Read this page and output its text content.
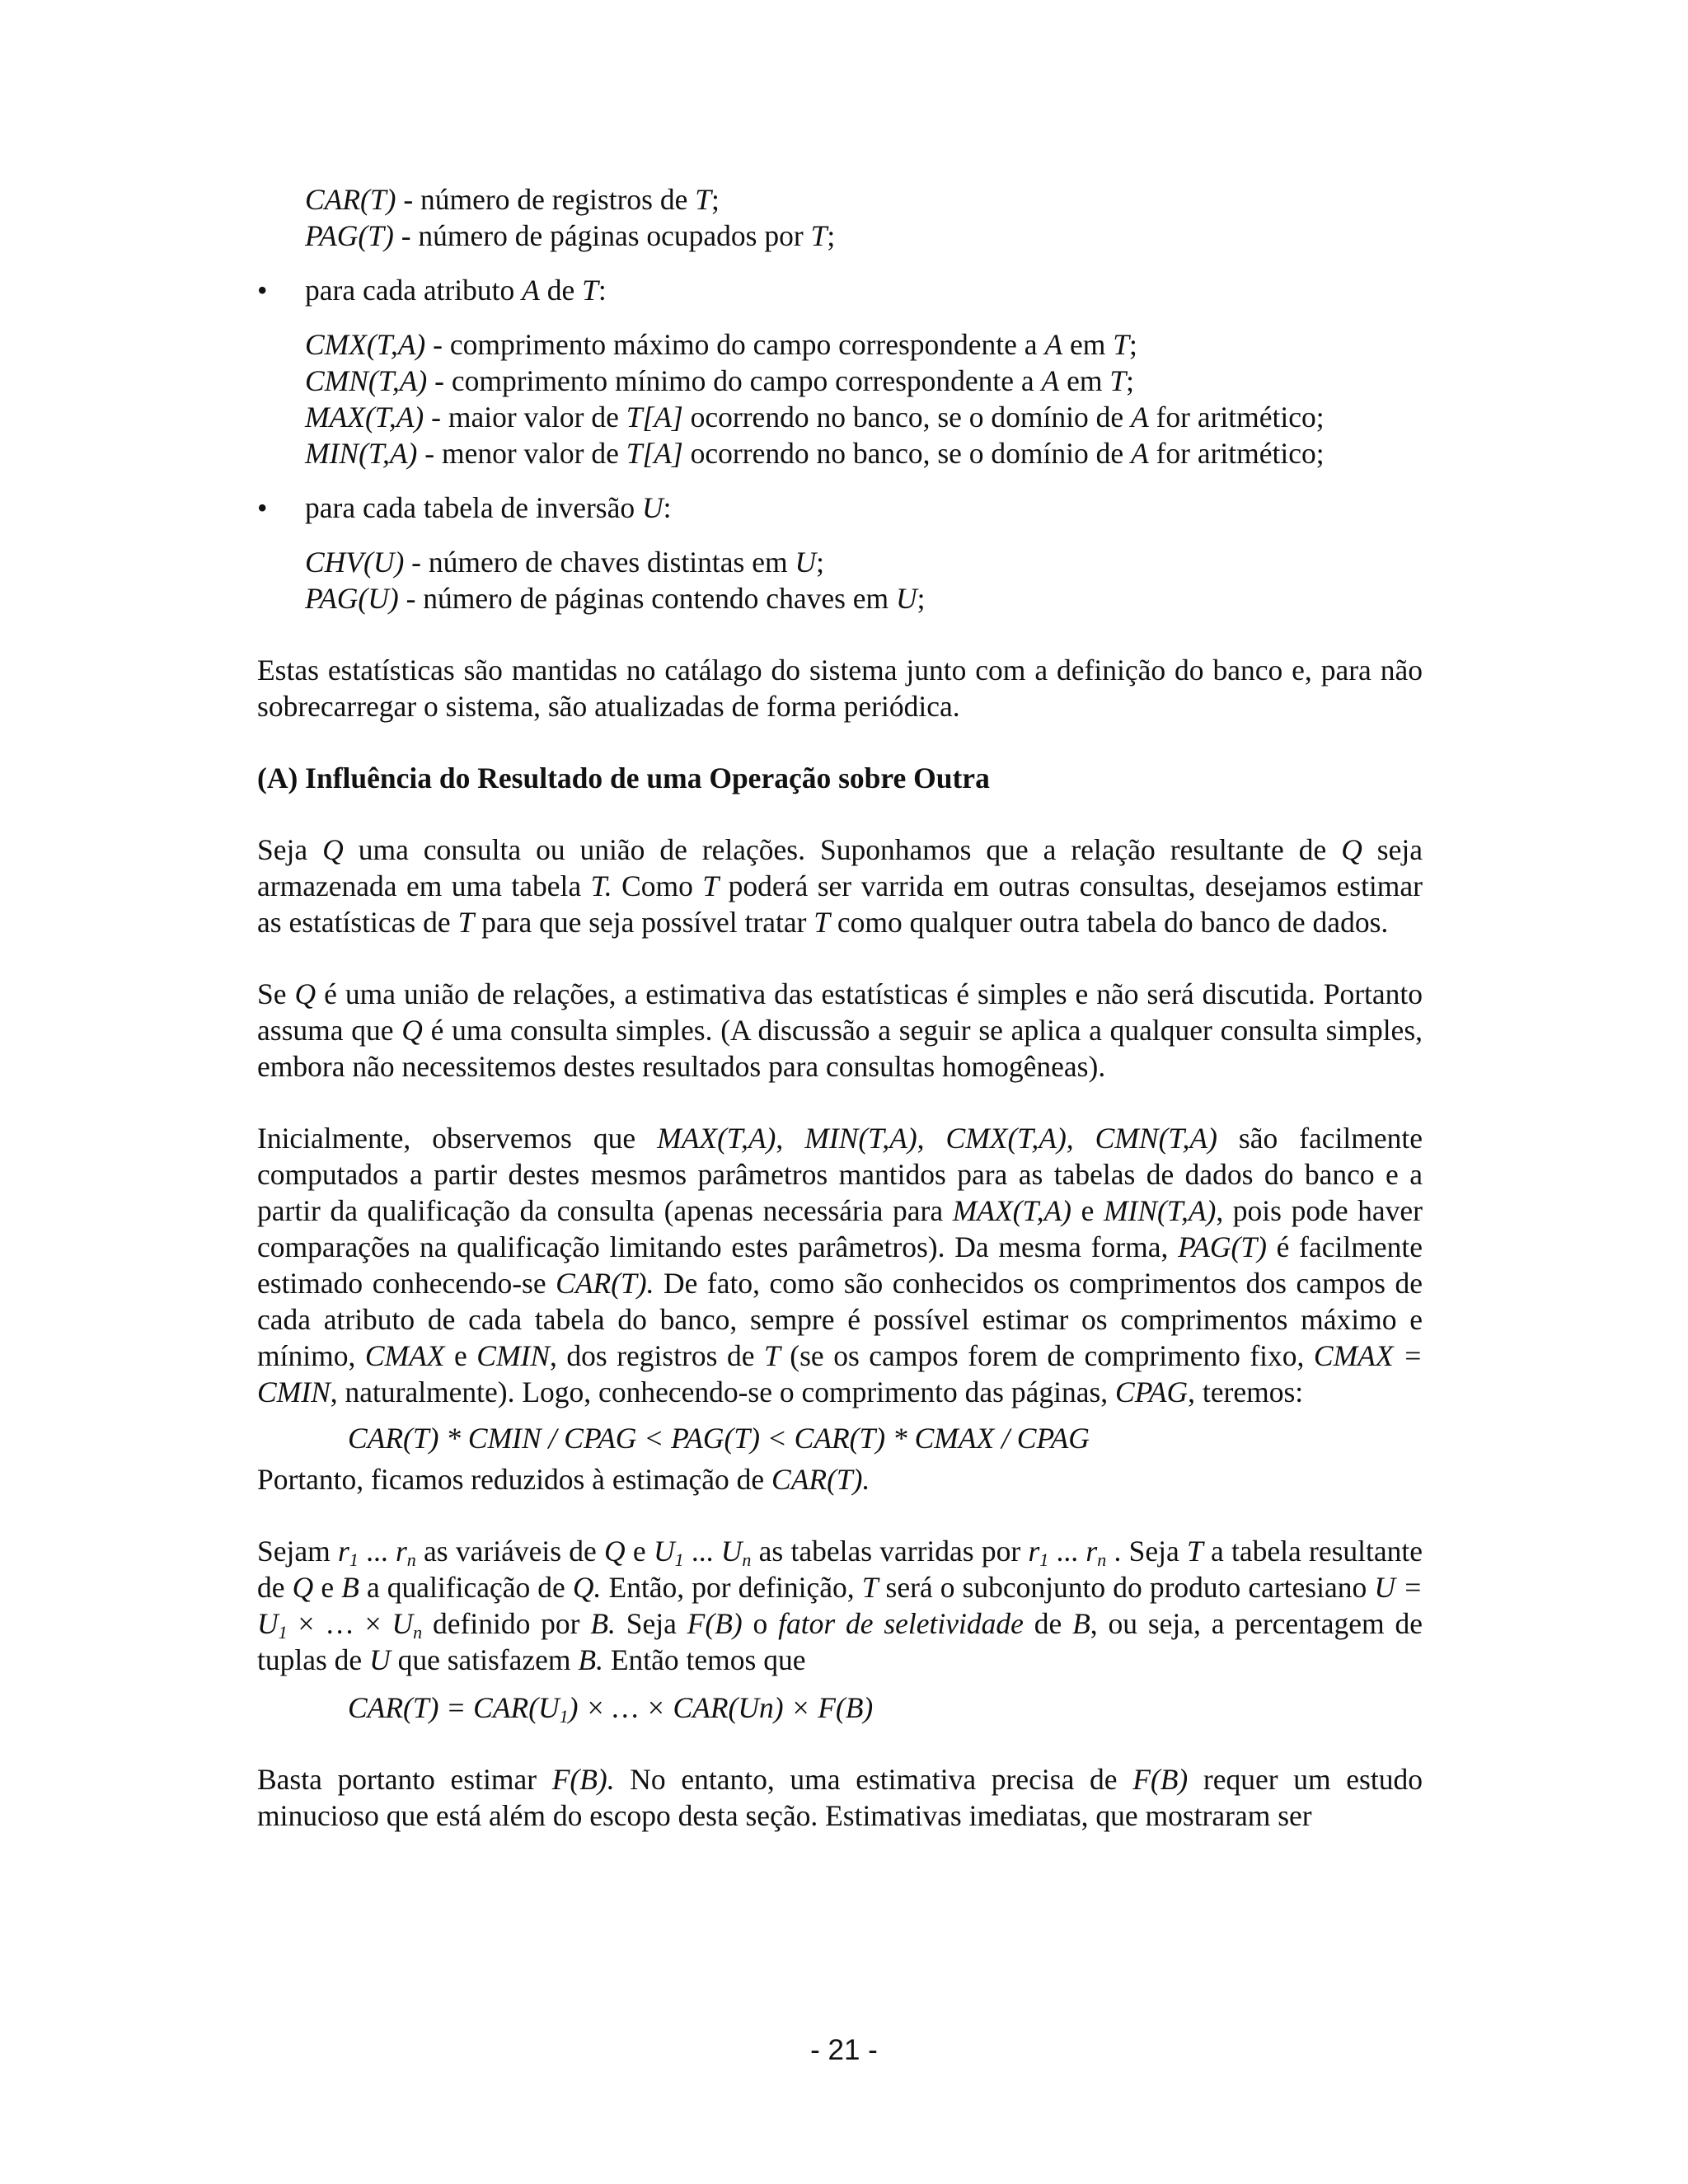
CAR(T) - número de registros de T;
PAG(T) - número de páginas ocupados por T;
•	para cada atributo A de T:
CMX(T,A) - comprimento máximo do campo correspondente a A em T;
CMN(T,A) - comprimento mínimo do campo correspondente a A em T;
MAX(T,A) - maior valor de T[A] ocorrendo no banco, se o domínio de A for aritmético;
MIN(T,A) - menor valor de T[A] ocorrendo no banco, se o domínio de A for aritmético;
•	para cada tabela de inversão U:
CHV(U) - número de chaves distintas em U;
PAG(U) - número de páginas contendo chaves em U;

Estas estatísticas são mantidas no catálago do sistema junto com a definição do banco e, para não sobrecarregar o sistema, são atualizadas de forma periódica.

(A) Influência do Resultado de uma Operação sobre Outra

Seja Q uma consulta ou união de relações. Suponhamos que a relação resultante de Q seja armazenada em uma tabela T. Como T poderá ser varrida em outras consultas, desejamos estimar as estatísticas de T para que seja possível tratar T como qualquer outra tabela do banco de dados.

Se Q é uma união de relações, a estimativa das estatísticas é simples e não será discutida. Portanto assuma que Q é uma consulta simples. (A discussão a seguir se aplica a qualquer consulta simples, embora não necessitemos destes resultados para consultas homogêneas).

Inicialmente, observemos que MAX(T,A), MIN(T,A), CMX(T,A), CMN(T,A) são facilmente computados a partir destes mesmos parâmetros mantidos para as tabelas de dados do banco e a partir da qualificação da consulta (apenas necessária para MAX(T,A) e MIN(T,A), pois pode haver comparações na qualificação limitando estes parâmetros). Da mesma forma, PAG(T) é facilmente estimado conhecendo-se CAR(T). De fato, como são conhecidos os comprimentos dos campos de cada atributo de cada tabela do banco, sempre é possível estimar os comprimentos máximo e mínimo, CMAX e CMIN, dos registros de T (se os campos forem de comprimento fixo, CMAX = CMIN, naturalmente). Logo, conhecendo-se o comprimento das páginas, CPAG, teremos:

CAR(T) * CMIN / CPAG < PAG(T) < CAR(T) * CMAX / CPAG
Portanto, ficamos reduzidos à estimação de CAR(T).

Sejam $r_1$ ... $r_n$ as variáveis de Q e $U_1$ ... $U_n$ as tabelas varridas por $r_1$ ... $r_n$ . Seja T a tabela resultante de Q e B a qualificação de Q. Então, por definição, T será o subconjunto do produto cartesiano $U = U_1$ × … × $U_n$ definido por B. Seja F(B) o fator de seletividade de B, ou seja, a percentagem de tuplas de U que satisfazem B. Então temos que

$CAR(T) = CAR(U_1)$ × … × CAR(Un) × F(B)

Basta portanto estimar F(B). No entanto, uma estimativa precisa de F(B) requer um estudo minucioso que está além do escopo desta seção. Estimativas imediatas, que mostraram ser

- 21 -
